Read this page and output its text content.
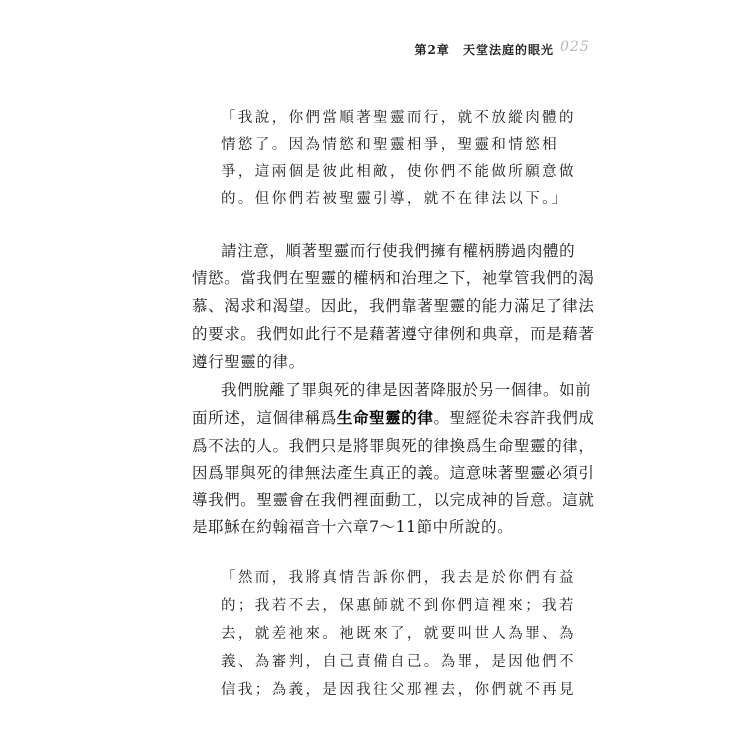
第2章 天堂法庭的眼光 025
「我說，你們當順著聖靈而行，就不放縱肉體的
情慾了。因為情慾和聖靈相爭，聖靈和情慾相
爭，這兩個是彼此相敵，使你們不能做所願意做
的。但你們若被聖靈引導，就不在律法以下。」
請注意，順著聖靈而行使我們擁有權柄勝過肉體的
情慾。當我們在聖靈的權柄和治理之下，祂掌管我們的渴
慕、渴求和渴望。因此，我們靠著聖靈的能力滿足了律法
的要求。我們如此行不是藉著遵守律例和典章，而是藉著
遵行聖靈的律。
我們脫離了罪與死的律是因著降服於另一個律。如前
面所述，這個律稱爲生命聖靈的律。聖經從未容許我們成
爲不法的人。我們只是將罪與死的律換爲生命聖靈的律，
因爲罪與死的律無法產生真正的義。這意味著聖靈必須引
導我們。聖靈會在我們裡面動工，以完成神的旨意。這就
是耶穌在約翰福音十六章7～11節中所說的。
「然而，我將真情告訴你們，我去是於你們有益
的；我若不去，保惠師就不到你們這裡來；我若
去，就差祂來。祂既來了，就要叫世人為罪、為
義、為審判，自己責備自己。為罪，是因他們不
信我；為義，是因我往父那裡去，你們就不再見
